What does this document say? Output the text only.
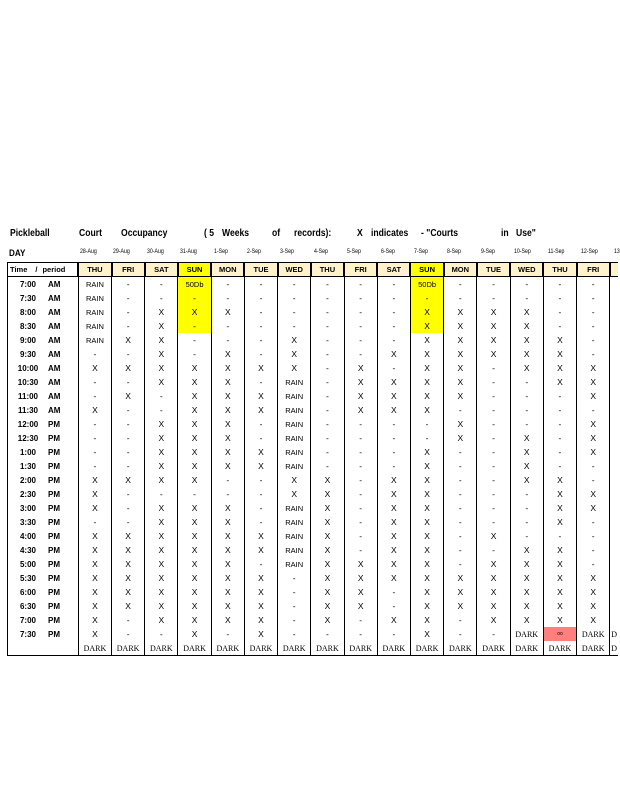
Pickleball	Court Occupancy	( 5 Weeks of records):	X indicates - "Courts	in Use"
DAY	28-Aug	29-Aug	30-Aug	31-Aug	1-Sep	2-Sep	3-Sep	4-Sep	5-Sep	6-Sep	7-Sep	8-Sep	9-Sep	10-Sep	11-Sep	12-Sep	13
Time / period	THU	FRI	SAT	SUN	MON	TUE	WED	THU	FRI	SAT	SUN	MON	TUE	WED	THU	FRI	
7:00 AM	RAIN	-	-	50Db	-	-	-	-	-	-	50Db	-	-	-	-	-	
7:30 AM	RAIN	-	-	-	-	-	-	-	-	-	-	-	-	-	-	-	
8:00 AM	RAIN	-	X	X	X	-	-	-	-	-	X	X	X	X	-	-	
8:30 AM	RAIN	-	X	-	-	-	-	-	-	-	X	X	X	X	-	-	
9:00 AM	RAIN	X	X	-	-	-	X	-	-	-	X	X	X	X	X	-	
9:30 AM	-	-	X	-	X	-	X	-	-	X	X	X	X	X	X	-	
10:00 AM	X	X	X	X	X	X	X	-	X	-	X	X	-	X	X	X	
10:30 AM	-	-	X	X	X	-	RAIN	-	X	X	X	X	-	-	X	X	
11:00 AM	-	X	-	X	X	X	RAIN	-	X	X	X	X	-	-	-	X	
11:30 AM	X	-	-	X	X	X	RAIN	-	X	X	X	-	-	-	-	-	
12:00 PM	-	-	X	X	X	-	RAIN	-	-	-	-	X	-	-	-	X	
12:30 PM	-	-	X	X	X	-	RAIN	-	-	-	-	X	-	X	-	X	
1:00 PM	-	-	X	X	X	X	RAIN	-	-	-	X	-	-	X	-	X	
1:30 PM	-	-	X	X	X	X	RAIN	-	-	-	X	-	-	X	-	-	
2:00 PM	X	X	X	X	-	-	X	X	-	X	X	-	-	X	X	-	
2:30 PM	X	-	-	-	-	-	X	X	-	X	X	-	-	-	X	X	
3:00 PM	X	-	X	X	X	-	RAIN	X	-	X	X	-	-	-	X	X	
3:30 PM	-	-	X	X	X	-	RAIN	X	-	X	X	-	-	-	X	-	
4:00 PM	X	X	X	X	X	X	RAIN	X	-	X	X	-	X	-	-	-	
4:30 PM	X	X	X	X	X	X	RAIN	X	-	X	X	-	-	X	X	-	
5:00 PM	X	X	X	X	X	-	RAIN	X	X	X	X	-	X	X	X	-	
5:30 PM	X	X	X	X	X	X	-	X	X	X	X	X	X	X	X	X	
6:00 PM	X	X	X	X	X	X	-	X	X	-	X	X	X	X	X	X	
6:30 PM	X	X	X	X	X	X	-	X	X	-	X	X	X	X	X	X	
7:00 PM	X	-	X	X	X	X	-	X	-	X	X	-	X	X	X	X	
7:30 PM	X	-	-	X	-	X	-	-	-	-	X	-	-	DARK	oo	DARK	D
	DARK	DARK	DARK	DARK	DARK	DARK	DARK	DARK	DARK	DARK	DARK	DARK	DARK	DARK	DARK	DARK	D
